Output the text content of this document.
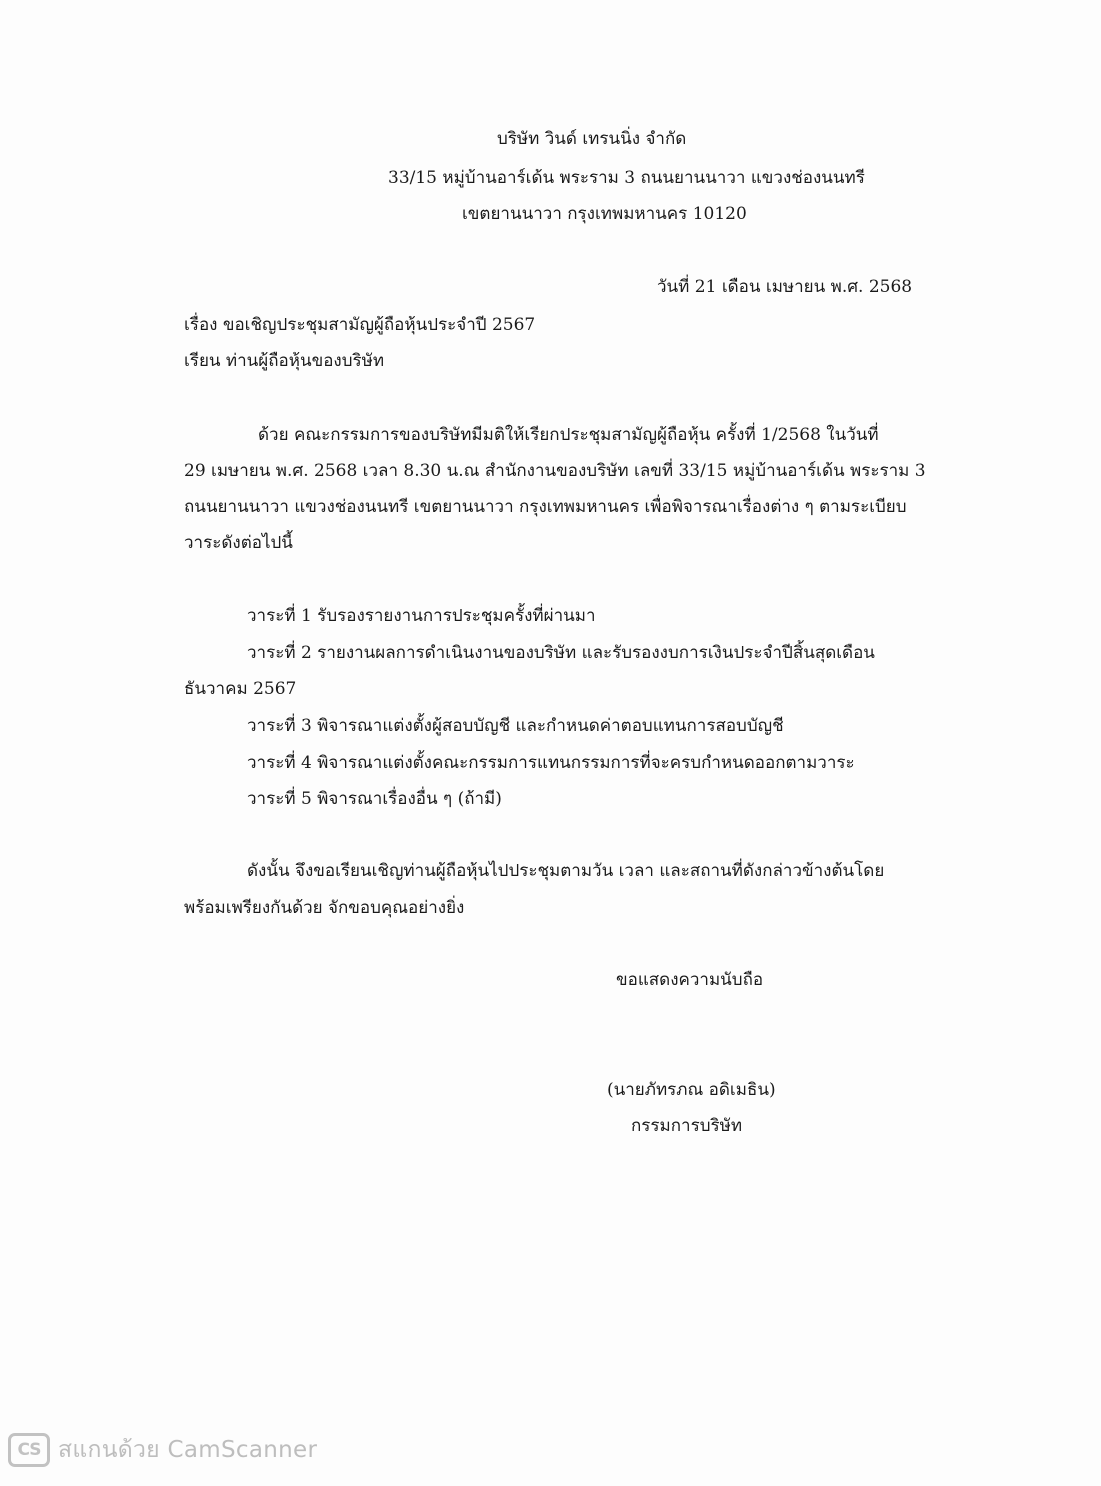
บริษัท วินด์ เทรนนิ่ง จำกัด
33/15 หมู่บ้านอาร์เด้น พระราม 3 ถนนยานนาวา แขวงช่องนนทรี
เขตยานนาวา กรุงเทพมหานคร 10120
วันที่ 21 เดือน เมษายน พ.ศ. 2568
เรื่อง ขอเชิญประชุมสามัญผู้ถือหุ้นประจำปี 2567
เรียน ท่านผู้ถือหุ้นของบริษัท
ด้วย คณะกรรมการของบริษัทมีมติให้เรียกประชุมสามัญผู้ถือหุ้น ครั้งที่ 1/2568 ในวันที่
29 เมษายน พ.ศ. 2568 เวลา 8.30 น.ณ สำนักงานของบริษัท เลขที่ 33/15 หมู่บ้านอาร์เด้น พระราม 3
ถนนยานนาวา แขวงช่องนนทรี เขตยานนาวา กรุงเทพมหานคร เพื่อพิจารณาเรื่องต่าง ๆ ตามระเบียบ
วาระดังต่อไปนี้
วาระที่ 1 รับรองรายงานการประชุมครั้งที่ผ่านมา
วาระที่ 2 รายงานผลการดำเนินงานของบริษัท และรับรองงบการเงินประจำปีสิ้นสุดเดือน
ธันวาคม 2567
วาระที่ 3 พิจารณาแต่งตั้งผู้สอบบัญชี และกำหนดค่าตอบแทนการสอบบัญชี
วาระที่ 4 พิจารณาแต่งตั้งคณะกรรมการแทนกรรมการที่จะครบกำหนดออกตามวาระ
วาระที่ 5 พิจารณาเรื่องอื่น ๆ (ถ้ามี)
ดังนั้น จึงขอเรียนเชิญท่านผู้ถือหุ้นไปประชุมตามวัน เวลา และสถานที่ดังกล่าวข้างต้นโดย
พร้อมเพรียงกันด้วย จักขอบคุณอย่างยิ่ง
ขอแสดงความนับถือ
(นายภัทรภณ อดิเมธิน)
กรรมการบริษัท
CS สแกนด้วย CamScanner
